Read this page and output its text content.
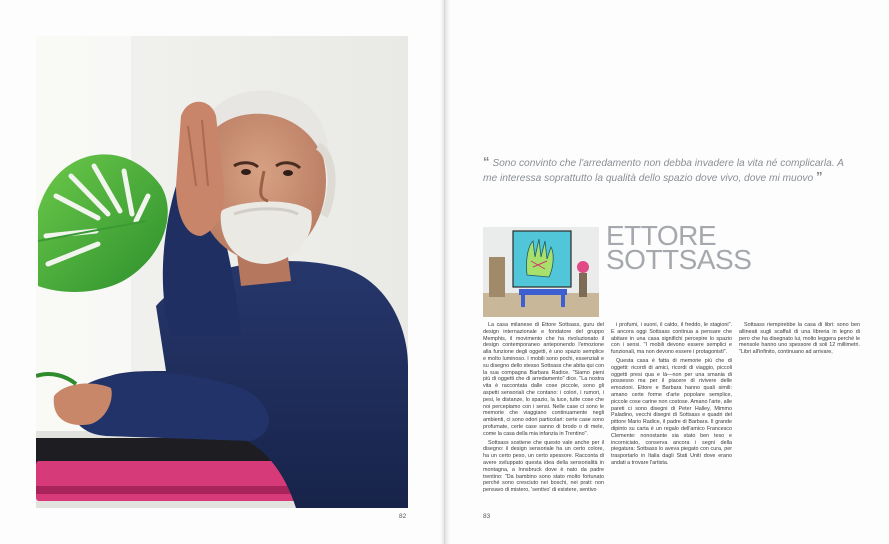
82	83
“ Sono convinto che l'arredamento non debba invadere la vita né complicarla. A me interessa soprattutto la qualità dello spazio dove vivo, dove mi muovo ”
ETTORE
SOTTSASS

La casa milanese di Ettore Sottsass, guru del design internazionale e fondatore del gruppo Memphis, il movimento che ha rivoluzionato il design contemporaneo anteponendo l'emozione alla funzione degli oggetti, è uno spazio semplice e molto luminoso. I mobili sono pochi, essenziali e su disegno dello stesso Sottsass che abita qui con la sua compagna Barbara Radice. "Siamo pieni più di oggetti che di arredamento" dice. "La nostra vita è raccontata dalle cose piccole, sono gli aspetti sensoriali che contano: i colori, i rumori, i pesi, le distanze, lo spazio, la luce, tutte cose che noi percepiamo con i sensi. Nelle case ci sono le memorie che viaggiano continuamente negli ambienti, ci sono odori particolari: certe case sono profumate, certe case sanno di brodo o di mele, come la casa della mia infanzia in Trentino".

Sottsass sostiene che questo vale anche per il disegno: il design sensoriale ha un certo colore, ha un certo peso, un certo spessore. Racconta di avere sviluppato questa idea della sensorialità in montagna, a Innsbruck dove è nato da padre trentino: "Da bambino sono stato molto fortunato perché sono cresciuto nei boschi, nei prati: non pensavo di mistero, 'sentivo' di esistere, sentivo

i profumi, i suoni, il caldo, il freddo, le stagioni". E ancora oggi Sottsass continua a pensare che abitare in una casa significhi percepire lo spazio con i sensi. "I mobili devono essere semplici e funzionali, ma non devono essere i protagonisti".

Questa casa è fatta di memorie più che di oggetti: ricordi di amici, ricordi di viaggio, piccoli oggetti presi qua e là—non per una smania di possesso ma per il piacere di rivivere delle emozioni. Ettore e Barbara hanno quali simili: amano certe forme d'arte popolare semplice, piccole cose carine non costose. Amano l'arte, alle pareti ci sono disegni di Peter Halley, Mimmo Paladino, vecchi disegni di Sottsass e quadri del pittore Mario Radice, il padre di Barbara. Il grande dipinto su carta è un regalo dell'amico Francesco Clemente: nonostante sia stato ben teso e incorniciato, conserva ancora i segni della piegatura: Sottsass lo aveva piegato con cura, per trasportarlo in Italia dagli Stati Uniti dove erano andati a trovare l'artista.

Sottsass riempirebbe la casa di libri: sono ben allineati sugli scaffali di una libreria in legno di pero che ha disegnato lui, molto leggera perché le mensole hanno uno spessore di soli 12 millimetri. "Libri all'infinito, continuano ad arrivare,
